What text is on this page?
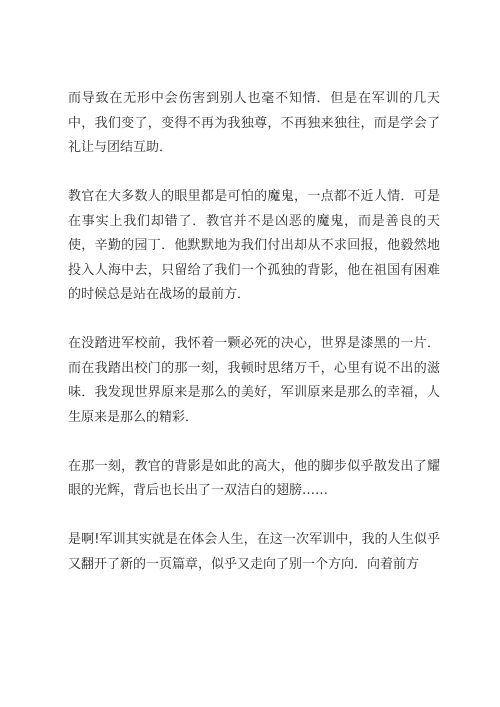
而导致在无形中会伤害到别人也毫不知情．但是在军训的几天中，我们变了，变得不再为我独尊，不再独来独往，而是学会了礼让与团结互助．

教官在大多数人的眼里都是可怕的魔鬼，一点都不近人情．可是在事实上我们却错了．教官并不是凶恶的魔鬼，而是善良的天使，辛勤的园丁．他默默地为我们付出却从不求回报，他毅然地投入人海中去，只留给了我们一个孤独的背影，他在祖国有困难的时候总是站在战场的最前方．

在没踏进军校前，我怀着一颗必死的决心，世界是漆黑的一片．而在我踏出校门的那一刻，我顿时思绪万千，心里有说不出的滋味．我发现世界原来是那么的美好，军训原来是那么的幸福，人生原来是那么的精彩．

在那一刻，教官的背影是如此的高大，他的脚步似乎散发出了耀眼的光辉，背后也长出了一双洁白的翅膀……

是啊!军训其实就是在体会人生，在这一次军训中，我的人生似乎又翻开了新的一页篇章，似乎又走向了别一个方向．向着前方
